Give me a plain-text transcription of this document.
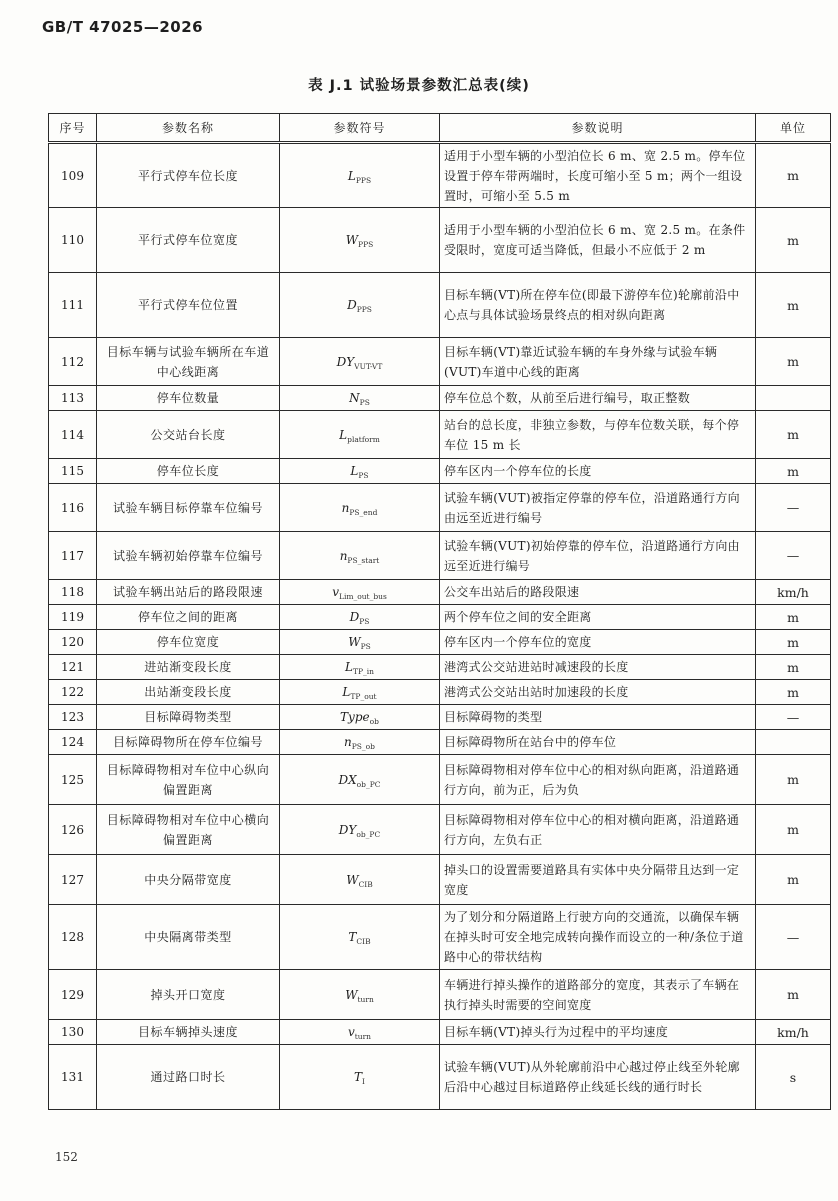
GB/T 47025—2026
表 J.1 试验场景参数汇总表(续)
序号	参数名称	参数符号	参数说明	单位
109	平行式停车位长度	$L_{PPS}$	适用于小型车辆的小型泊位长 6 m、宽 2.5 m。停车位设置于停车带两端时，长度可缩小至 5 m；两个一组设置时，可缩小至 5.5 m	m
110	平行式停车位宽度	$W_{PPS}$	适用于小型车辆的小型泊位长 6 m、宽 2.5 m。在条件受限时，宽度可适当降低，但最小不应低于 2 m	m
111	平行式停车位位置	$D_{PPS}$	目标车辆(VT)所在停车位(即最下游停车位)轮廓前沿中心点与具体试验场景终点的相对纵向距离	m
112	目标车辆与试验车辆所在车道中心线距离	$DY_{VUT-VT}$	目标车辆(VT)靠近试验车辆的车身外缘与试验车辆(VUT)车道中心线的距离	m
113	停车位数量	$N_{PS}$	停车位总个数，从前至后进行编号，取正整数	
114	公交站台长度	$L_{platform}$	站台的总长度，非独立参数，与停车位数关联，每个停车位 15 m 长	m
115	停车位长度	$L_{PS}$	停车区内一个停车位的长度	m
116	试验车辆目标停靠车位编号	$n_{PS\_end}$	试验车辆(VUT)被指定停靠的停车位，沿道路通行方向由远至近进行编号	—
117	试验车辆初始停靠车位编号	$n_{PS\_start}$	试验车辆(VUT)初始停靠的停车位，沿道路通行方向由远至近进行编号	—
118	试验车辆出站后的路段限速	$v_{Lim\_out\_bus}$	公交车出站后的路段限速	km/h
119	停车位之间的距离	$D_{PS}$	两个停车位之间的安全距离	m
120	停车位宽度	$W_{PS}$	停车区内一个停车位的宽度	m
121	进站渐变段长度	$L_{TP\_in}$	港湾式公交站进站时减速段的长度	m
122	出站渐变段长度	$L_{TP\_out}$	港湾式公交站出站时加速段的长度	m
123	目标障碍物类型	Type$_{ob}$	目标障碍物的类型	—
124	目标障碍物所在停车位编号	$n_{PS\_ob}$	目标障碍物所在站台中的停车位	
125	目标障碍物相对车位中心纵向偏置距离	$DX_{ob\_PC}$	目标障碍物相对停车位中心的相对纵向距离，沿道路通行方向，前为正，后为负	m
126	目标障碍物相对车位中心横向偏置距离	$DY_{ob\_PC}$	目标障碍物相对停车位中心的相对横向距离，沿道路通行方向，左负右正	m
127	中央分隔带宽度	$W_{CIB}$	掉头口的设置需要道路具有实体中央分隔带且达到一定宽度	m
128	中央隔离带类型	$T_{CIB}$	为了划分和分隔道路上行驶方向的交通流，以确保车辆在掉头时可安全地完成转向操作而设立的一种/条位于道路中心的带状结构	—
129	掉头开口宽度	$W_{turn}$	车辆进行掉头操作的道路部分的宽度，其表示了车辆在执行掉头时需要的空间宽度	m
130	目标车辆掉头速度	$v_{turn}$	目标车辆(VT)掉头行为过程中的平均速度	km/h
131	通过路口时长	$T_I$	试验车辆(VUT)从外轮廓前沿中心越过停止线至外轮廓后沿中心越过目标道路停止线延长线的通行时长	s
152
